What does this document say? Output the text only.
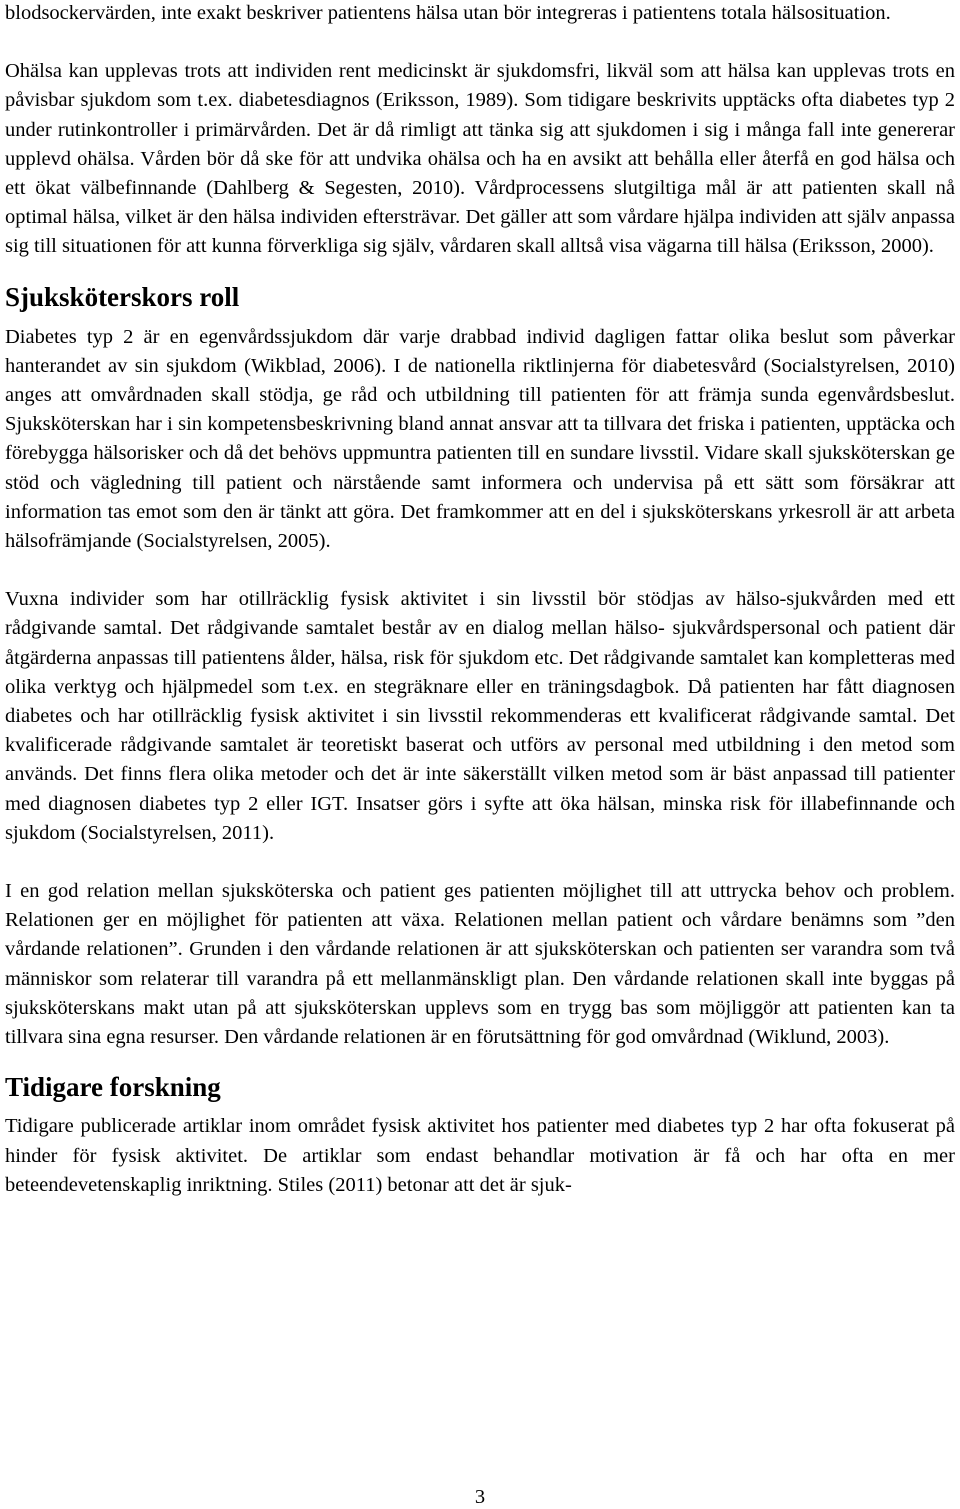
blodsockervärden, inte exakt beskriver patientens hälsa utan bör integreras i patientens totala hälsosituation.

Ohälsa kan upplevas trots att individen rent medicinskt är sjukdomsfri, likväl som att hälsa kan upplevas trots en påvisbar sjukdom som t.ex. diabetesdiagnos (Eriksson, 1989). Som tidigare beskrivits upptäcks ofta diabetes typ 2 under rutinkontroller i primärvården. Det är då rimligt att tänka sig att sjukdomen i sig i många fall inte genererar upplevd ohälsa. Vården bör då ske för att undvika ohälsa och ha en avsikt att behålla eller återfå en god hälsa och ett ökat välbefinnande (Dahlberg & Segesten, 2010). Vårdprocessens slutgiltiga mål är att patienten skall nå optimal hälsa, vilket är den hälsa individen eftersträvar. Det gäller att som vårdare hjälpa individen att själv anpassa sig till situationen för att kunna förverkliga sig själv, vårdaren skall alltså visa vägarna till hälsa (Eriksson, 2000).

Sjuksköterskors roll

Diabetes typ 2 är en egenvårdssjukdom där varje drabbad individ dagligen fattar olika beslut som påverkar hanterandet av sin sjukdom (Wikblad, 2006). I de nationella riktlinjerna för diabetesvård (Socialstyrelsen, 2010) anges att omvårdnaden skall stödja, ge råd och utbildning till patienten för att främja sunda egenvårdsbeslut. Sjuksköterskan har i sin kompetensbeskrivning bland annat ansvar att ta tillvara det friska i patienten, upptäcka och förebygga hälsorisker och då det behövs uppmuntra patienten till en sundare livsstil. Vidare skall sjuksköterskan ge stöd och vägledning till patient och närstående samt informera och undervisa på ett sätt som försäkrar att information tas emot som den är tänkt att göra. Det framkommer att en del i sjuksköterskans yrkesroll är att arbeta hälsofrämjande (Socialstyrelsen, 2005).

Vuxna individer som har otillräcklig fysisk aktivitet i sin livsstil bör stödjas av hälso-sjukvården med ett rådgivande samtal. Det rådgivande samtalet består av en dialog mellan hälso- sjukvårdspersonal och patient där åtgärderna anpassas till patientens ålder, hälsa, risk för sjukdom etc. Det rådgivande samtalet kan kompletteras med olika verktyg och hjälpmedel som t.ex. en stegräknare eller en träningsdagbok. Då patienten har fått diagnosen diabetes och har otillräcklig fysisk aktivitet i sin livsstil rekommenderas ett kvalificerat rådgivande samtal. Det kvalificerade rådgivande samtalet är teoretiskt baserat och utförs av personal med utbildning i den metod som används. Det finns flera olika metoder och det är inte säkerställt vilken metod som är bäst anpassad till patienter med diagnosen diabetes typ 2 eller IGT. Insatser görs i syfte att öka hälsan, minska risk för illabefinnande och sjukdom (Socialstyrelsen, 2011).

I en god relation mellan sjuksköterska och patient ges patienten möjlighet till att uttrycka behov och problem. Relationen ger en möjlighet för patienten att växa. Relationen mellan patient och vårdare benämns som ”den vårdande relationen”. Grunden i den vårdande relationen är att sjuksköterskan och patienten ser varandra som två människor som relaterar till varandra på ett mellanmänskligt plan. Den vårdande relationen skall inte byggas på sjuksköterskans makt utan på att sjuksköterskan upplevs som en trygg bas som möjliggör att patienten kan ta tillvara sina egna resurser. Den vårdande relationen är en förutsättning för god omvårdnad (Wiklund, 2003).

Tidigare forskning

Tidigare publicerade artiklar inom området fysisk aktivitet hos patienter med diabetes typ 2 har ofta fokuserat på hinder för fysisk aktivitet. De artiklar som endast behandlar motivation är få och har ofta en mer beteendevetenskaplig inriktning. Stiles (2011) betonar att det är sjuk-

3
